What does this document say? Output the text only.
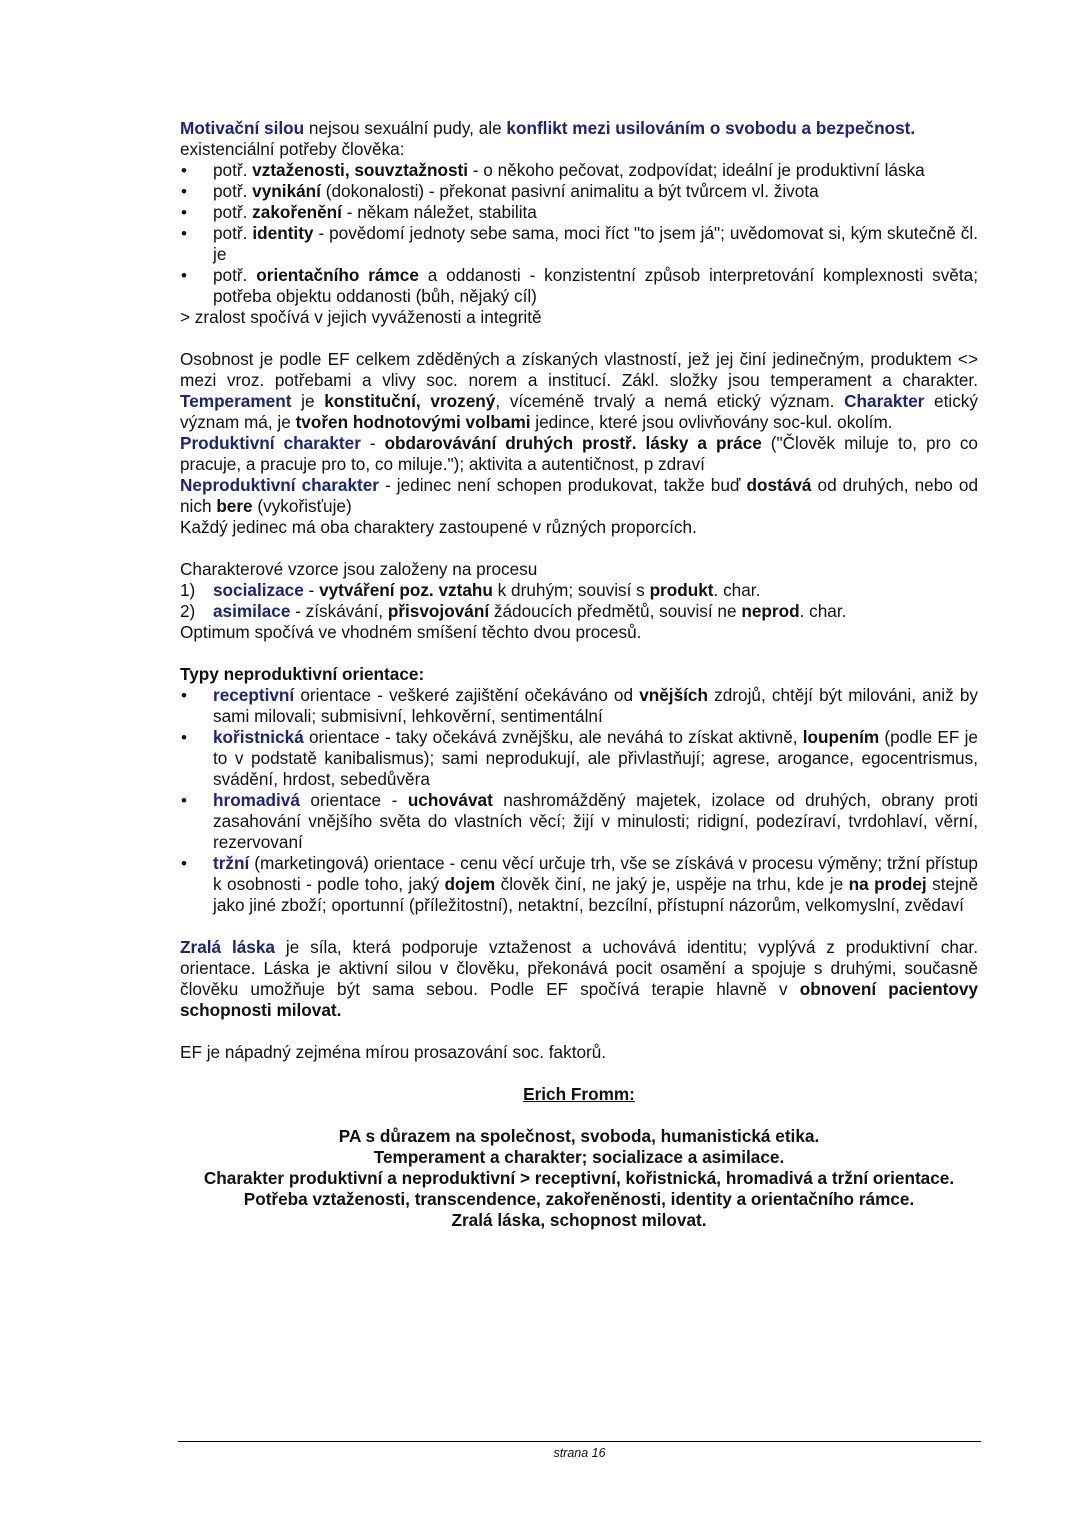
Motivační silou nejsou sexuální pudy, ale konflikt mezi usilováním o svobodu a bezpečnost.

existenciální potřeby člověka:

• potř. vztaženosti, souvztažnosti - o někoho pečovat, zodpovídat; ideální je produktivní láska
• potř. vynikání (dokonalosti) - překonat pasivní animalitu a být tvůrcem vl. života
• potř. zakořenění - někam náležet, stabilita
• potř. identity - povědomí jednoty sebe sama, moci říct "to jsem já"; uvědomovat si, kým skutečně čl. je
• potř. orientačního rámce a oddanosti - konzistentní způsob interpretování komplexnosti světa; potřeba objektu oddanosti (bůh, nějaký cíl)

> zralost spočívá v jejich vyváženosti a integritě

Osobnost je podle EF celkem zděděných a získaných vlastností, jež jej činí jedinečným, produktem <> mezi vroz. potřebami a vlivy soc. norem a institucí. Zákl. složky jsou temperament a charakter. Temperament je konstituční, vrozený, víceméně trvalý a nemá etický význam. Charakter etický význam má, je tvořen hodnotovými volbami jedince, které jsou ovlivňovány soc-kul. okolím.

Produktivní charakter - obdarovávání druhých prostř. lásky a práce ("Člověk miluje to, pro co pracuje, a pracuje pro to, co miluje."); aktivita a autentičnost, p zdraví

Neproduktivní charakter - jedinec není schopen produkovat, takže buď dostává od druhých, nebo od nich bere (vykořisťuje)

Každý jedinec má oba charaktery zastoupené v různých proporcích.

Charakterové vzorce jsou založeny na procesu

1) socializace - vytváření poz. vztahu k druhým; souvisí s produkt. char.
2) asimilace - získávání, přisvojování žádoucích předmětů, souvisí ne neprod. char.

Optimum spočívá ve vhodném smíšení těchto dvou procesů.

Typy neproduktivní orientace:

• receptivní orientace - veškeré zajištění očekáváno od vnějších zdrojů, chtějí být milováni, aniž by sami milovali; submisivní, lehkověrní, sentimentální
• kořistnická orientace - taky očekává zvnějšku, ale neváhá to získat aktivně, loupením (podle EF je to v podstatě kanibalismus); sami neprodukují, ale přivlastňují; agrese, arogance, egocentrismus, svádění, hrdost, sebedůvěra
• hromadivá orientace - uchovávat nashromážděný majetek, izolace od druhých, obrany proti zasahování vnějšího světa do vlastních věcí; žijí v minulosti; ridigní, podezíraví, tvrdohlaví, věrní, rezervovaní
• tržní (marketingová) orientace - cenu věcí určuje trh, vše se získává v procesu výměny; tržní přístup k osobnosti - podle toho, jaký dojem člověk činí, ne jaký je, uspěje na trhu, kde je na prodej stejně jako jiné zboží; oportunní (příležitostní), netaktní, bezcílní, přístupní názorům, velkomyslní, zvědaví

Zralá láska je síla, která podporuje vztaženost a uchovává identitu; vyplývá z produktivní char. orientace. Láska je aktivní silou v člověku, překonává pocit osamění a spojuje s druhými, současně člověku umožňuje být sama sebou. Podle EF spočívá terapie hlavně v obnovení pacientovy schopnosti milovat.

EF je nápadný zejména mírou prosazování soc. faktorů.

Erich Fromm:

PA s důrazem na společnost, svoboda, humanistická etika.

Temperament a charakter; socializace a asimilace.

Charakter produktivní a neproduktivní > receptivní, kořistnická, hromadivá a tržní orientace.

Potřeba vztaženosti, transcendence, zakořeněnosti, identity a orientačního rámce.

Zralá láska, schopnost milovat.

strana 16
